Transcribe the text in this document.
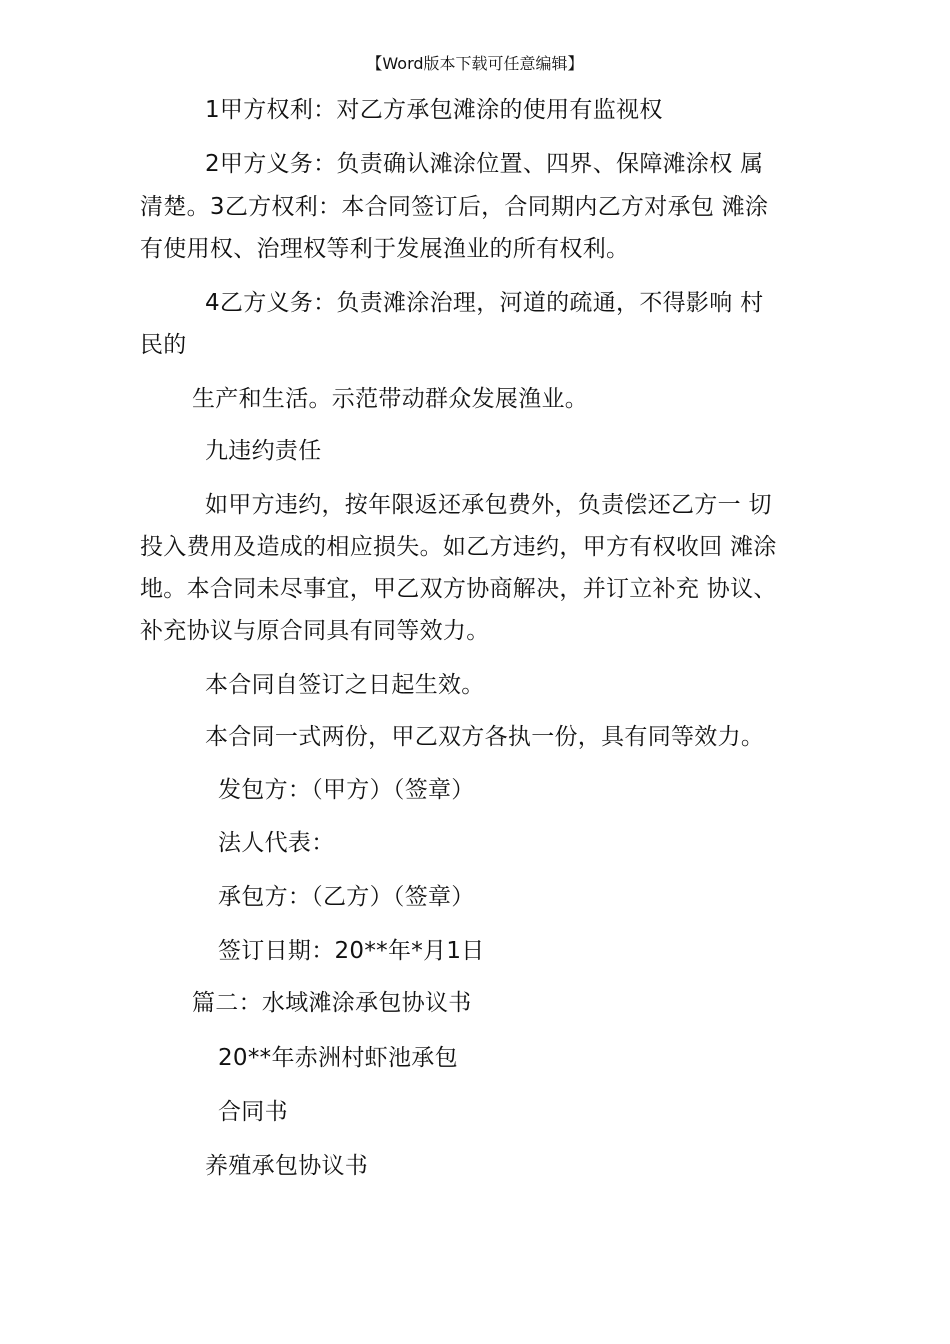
【Word版本下载可任意编辑】
1甲方权利：对乙方承包滩涂的使用有监视权
2甲方义务：负责确认滩涂位置、四界、保障滩涂权 属
清楚。3乙方权利：本合同签订后，合同期内乙方对承包 滩涂
有使用权、治理权等利于发展渔业的所有权利。
4乙方义务：负责滩涂治理，河道的疏通，不得影响 村
民的
生产和生活。示范带动群众发展渔业。
九违约责任
如甲方违约，按年限返还承包费外，负责偿还乙方一 切
投入费用及造成的相应损失。如乙方违约，甲方有权收回 滩涂
地。本合同未尽事宜，甲乙双方协商解决，并订立补充 协议、
补充协议与原合同具有同等效力。
本合同自签订之日起生效。
本合同一式两份，甲乙双方各执一份，具有同等效力。
发包方：（甲方）（签章）
法人代表：
承包方：（乙方）（签章）
签订日期：20**年*月1日
篇二：水域滩涂承包协议书
20**年赤洲村虾池承包
合同书
养殖承包协议书
